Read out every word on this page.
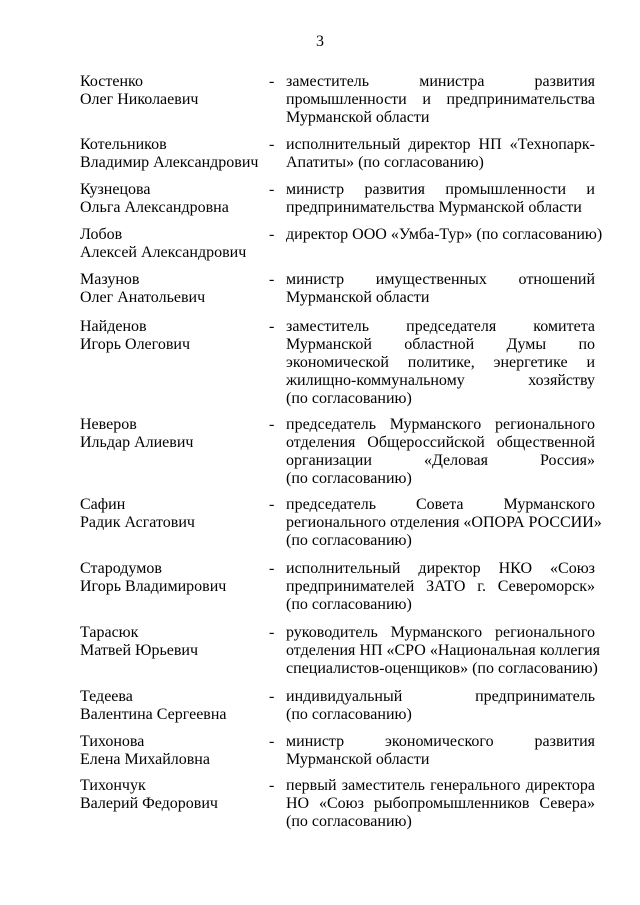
3
Костенко
Олег Николаевич
- заместитель министра развития
промышленности и предпринимательства
Мурманской области
Котельников
Владимир Александрович
- исполнительный директор НП «Технопарк-
Апатиты» (по согласованию)
Кузнецова
Ольга Александровна
- министр развития промышленности и
предпринимательства Мурманской области
Лобов
Алексей Александрович
- директор ООО «Умба-Тур» (по согласованию)
Мазунов
Олег Анатольевич
- министр имущественных отношений
Мурманской области
Найденов
Игорь Олегович
- заместитель председателя комитета
Мурманской областной Думы по
экономической политике, энергетике и
жилищно-коммунальному хозяйству
(по согласованию)
Неверов
Ильдар Алиевич
- председатель Мурманского регионального
отделения Общероссийской общественной
организации «Деловая Россия»
(по согласованию)
Сафин
Радик Асгатович
- председатель Совета Мурманского
регионального отделения «ОПОРА РОССИИ»
(по согласованию)
Стародумов
Игорь Владимирович
- исполнительный директор НКО «Союз
предпринимателей ЗАТО г. Североморск»
(по согласованию)
Тарасюк
Матвей Юрьевич
- руководитель Мурманского регионального
отделения НП «СРО «Национальная коллегия
специалистов-оценщиков» (по согласованию)
Тедеева
Валентина Сергеевна
- индивидуальный предприниматель
(по согласованию)
Тихонова
Елена Михайловна
- министр экономического развития
Мурманской области
Тихончук
Валерий Федорович
- первый заместитель генерального директора
НО «Союз рыбопромышленников Севера»
(по согласованию)
